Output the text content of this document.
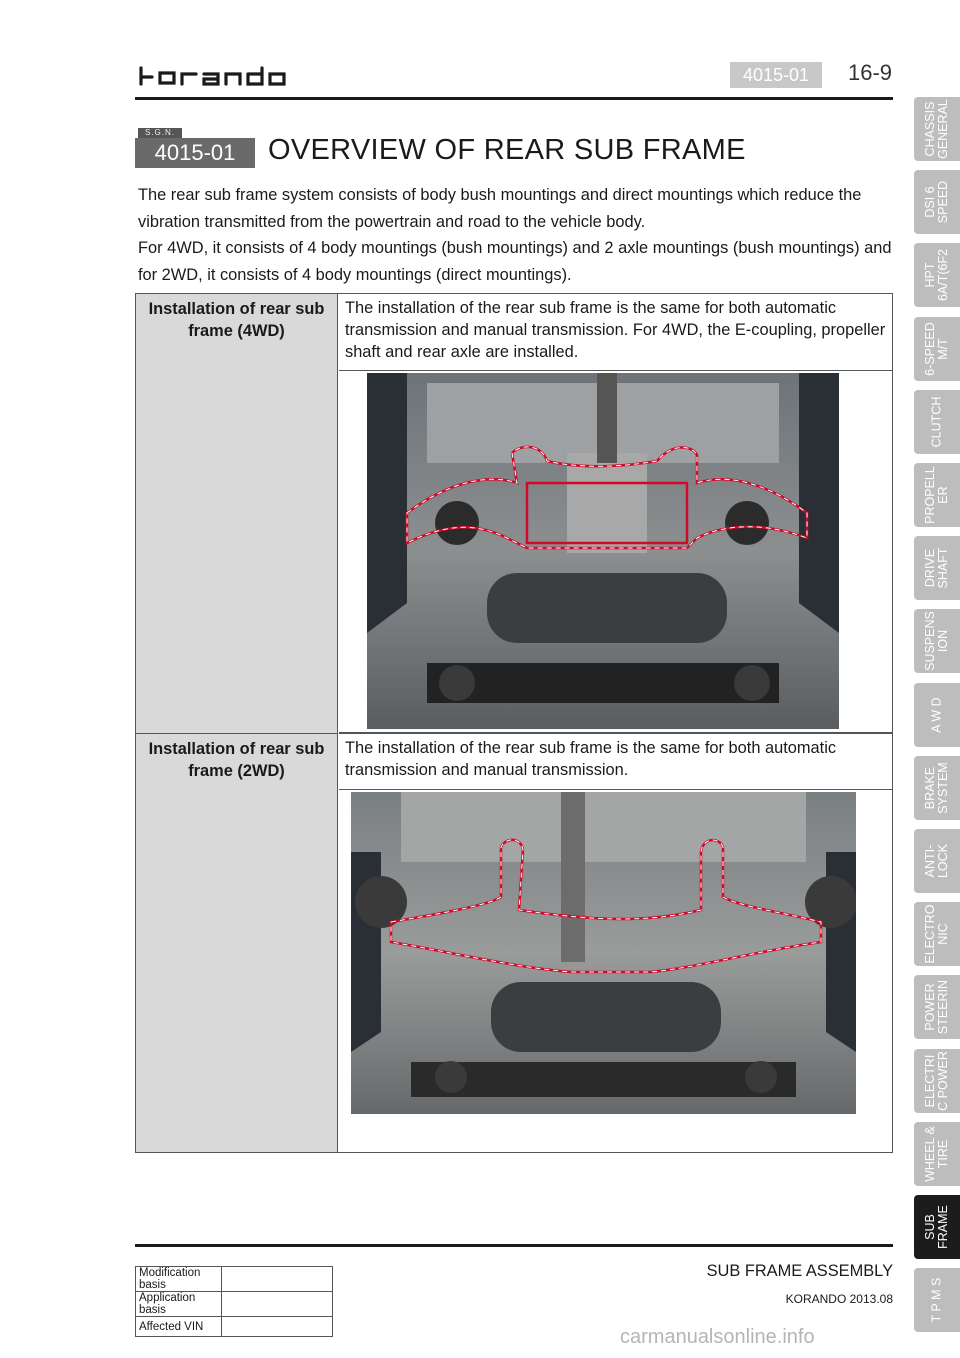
4015-01	16-9
S.G.N.
4015-01	OVERVIEW OF REAR SUB FRAME
The rear sub frame system consists of body bush mountings and direct mountings which reduce the
vibration transmitted from the powertrain and road to the vehicle body.
For 4WD, it consists of 4 body mountings (bush mountings) and 2 axle mountings (bush mountings) and
for 2WD, it consists of 4 body mountings (direct mountings).
Installation of rear sub frame (4WD)
The installation of the rear sub frame is the same for both automatic transmission and manual transmission. For 4WD, the E-coupling, propeller shaft and rear axle are installed.
Installation of rear sub frame (2WD)
The installation of the rear sub frame is the same for both automatic transmission and manual transmission.
CHASSIS
GENERAL
DSI 6
SPEED
HPT
6A/T(6F2
6-SPEED
M/T
CLUTCH
PROPELL
ER
DRIVE
SHAFT
SUSPENS
ION
A W D
BRAKE
SYSTEM
ANTI-
LOCK
ELECTRO
NIC
POWER
STEERIN
ELECTRI
C POWER
WHEEL &
TIRE
SUB
FRAME
T P M S
Modification basis	
Application basis	
Affected VIN	
SUB FRAME ASSEMBLY
KORANDO 2013.08
carmanualsonline.info
